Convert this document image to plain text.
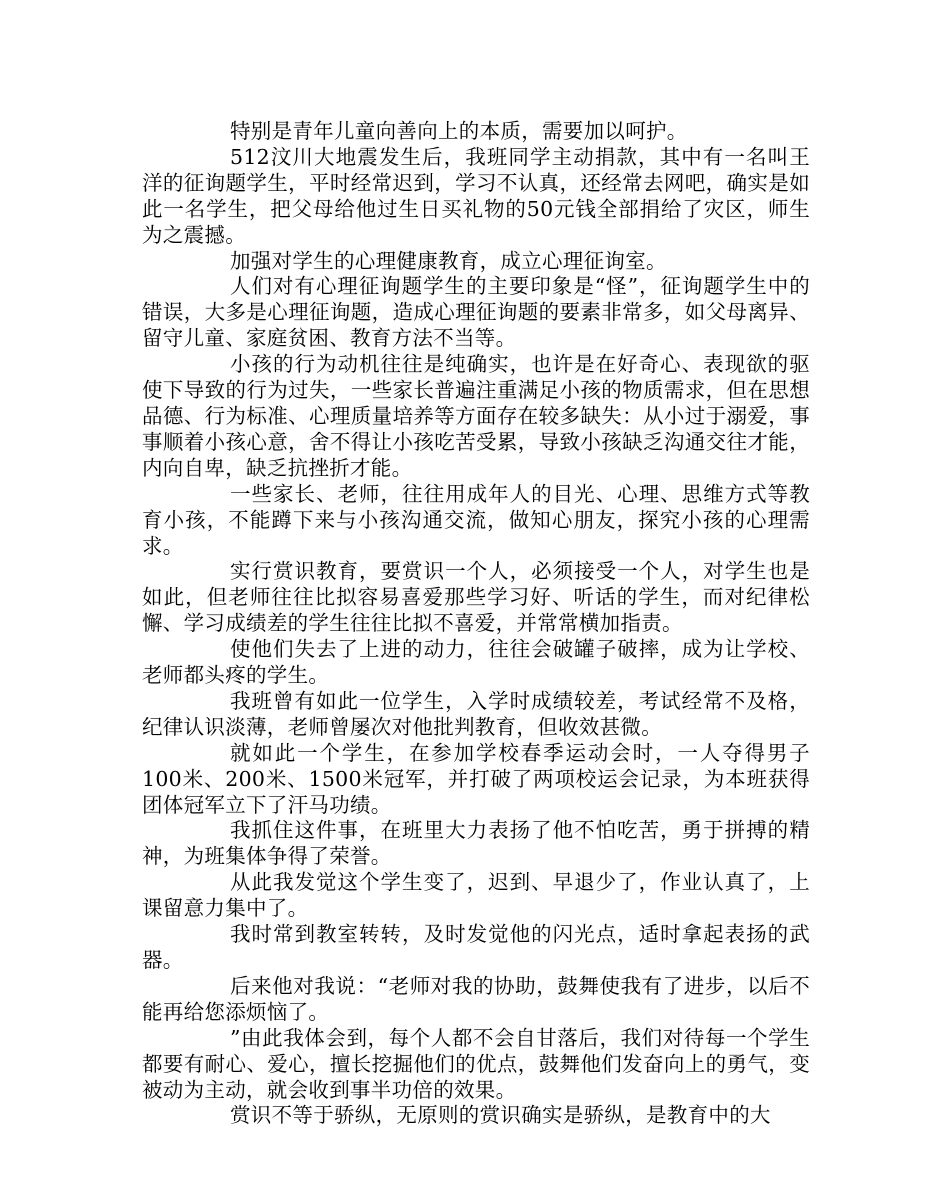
特别是青年儿童向善向上的本质，需要加以呵护。

512汶川大地震发生后，我班同学主动捐款，其中有一名叫王洋的征询题学生，平时经常迟到，学习不认真，还经常去网吧，确实是如此一名学生，把父母给他过生日买礼物的50元钱全部捐给了灾区，师生为之震撼。

加强对学生的心理健康教育，成立心理征询室。

人们对有心理征询题学生的主要印象是“怪”，征询题学生中的错误，大多是心理征询题，造成心理征询题的要素非常多，如父母离异、留守儿童、家庭贫困、教育方法不当等。

小孩的行为动机往往是纯确实，也许是在好奇心、表现欲的驱使下导致的行为过失，一些家长普遍注重满足小孩的物质需求，但在思想品德、行为标准、心理质量培养等方面存在较多缺失：从小过于溺爱，事事顺着小孩心意，舍不得让小孩吃苦受累，导致小孩缺乏沟通交往才能，内向自卑，缺乏抗挫折才能。

一些家长、老师，往往用成年人的目光、心理、思维方式等教育小孩，不能蹲下来与小孩沟通交流，做知心朋友，探究小孩的心理需求。

实行赏识教育，要赏识一个人，必须接受一个人，对学生也是如此，但老师往往比拟容易喜爱那些学习好、听话的学生，而对纪律松懈、学习成绩差的学生往往比拟不喜爱，并常常横加指责。

使他们失去了上进的动力，往往会破罐子破摔，成为让学校、老师都头疼的学生。

我班曾有如此一位学生，入学时成绩较差，考试经常不及格，纪律认识淡薄，老师曾屡次对他批判教育，但收效甚微。

就如此一个学生，在参加学校春季运动会时，一人夺得男子100米、200米、1500米冠军，并打破了两项校运会记录，为本班获得团体冠军立下了汗马功绩。

我抓住这件事，在班里大力表扬了他不怕吃苦，勇于拼搏的精神，为班集体争得了荣誉。

从此我发觉这个学生变了，迟到、早退少了，作业认真了，上课留意力集中了。

我时常到教室转转，及时发觉他的闪光点，适时拿起表扬的武器。

后来他对我说：“老师对我的协助，鼓舞使我有了进步，以后不能再给您添烦恼了。

”由此我体会到，每个人都不会自甘落后，我们对待每一个学生都要有耐心、爱心，擅长挖掘他们的优点，鼓舞他们发奋向上的勇气，变被动为主动，就会收到事半功倍的效果。

赏识不等于骄纵，无原则的赏识确实是骄纵，是教育中的大
